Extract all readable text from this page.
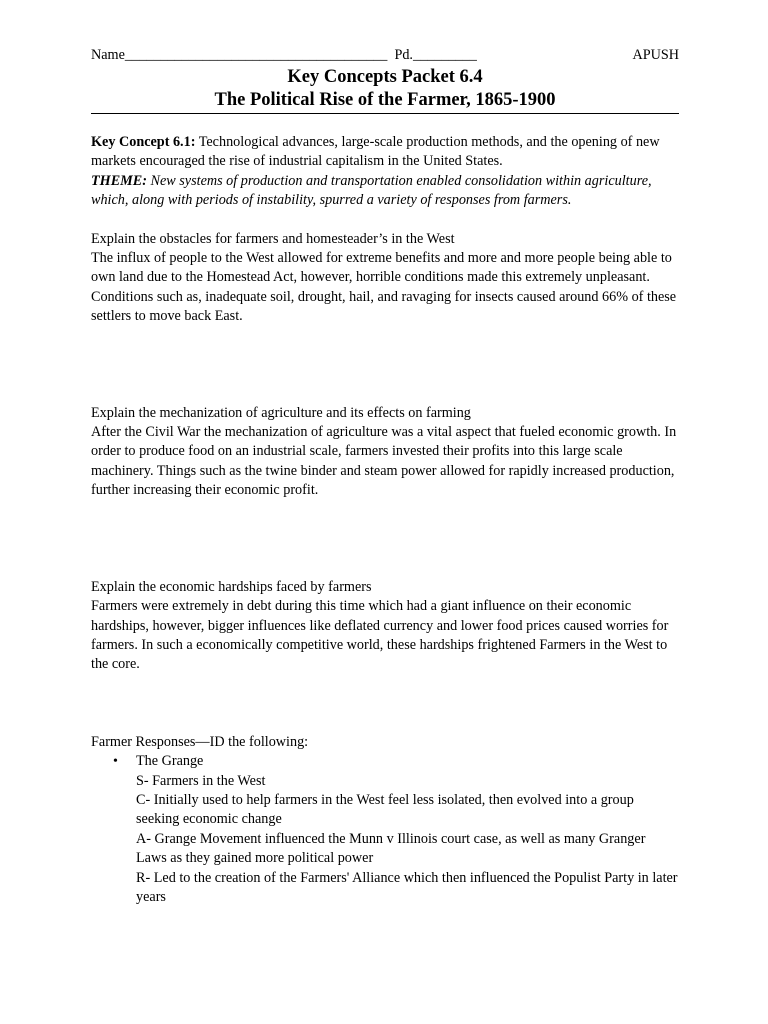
Name_____________________________________ Pd._________	APUSH
Key Concepts Packet 6.4
The Political Rise of the Farmer, 1865-1900

Key Concept 6.1: Technological advances, large-scale production methods, and the opening of new markets encouraged the rise of industrial capitalism in the United States.

THEME: New systems of production and transportation enabled consolidation within agriculture, which, along with periods of instability, spurred a variety of responses from farmers.

Explain the obstacles for farmers and homesteader’s in the West

The influx of people to the West allowed for extreme benefits and more and more people being able to own land due to the Homestead Act, however, horrible conditions made this extremely unpleasant. Conditions such as, inadequate soil, drought, hail, and ravaging for insects caused around 66% of these settlers to move back East.

Explain the mechanization of agriculture and its effects on farming

After the Civil War the mechanization of agriculture was a vital aspect that fueled economic growth. In order to produce food on an industrial scale, farmers invested their profits into this large scale machinery. Things such as the twine binder and steam power allowed for rapidly increased production, further increasing their economic profit.

Explain the economic hardships faced by farmers

Farmers were extremely in debt during this time which had a giant influence on their economic hardships, however, bigger influences like deflated currency and lower food prices caused worries for farmers. In such a economically competitive world, these hardships frightened Farmers in the West to the core.

Farmer Responses—ID the following:

• The Grange
S- Farmers in the West
C- Initially used to help farmers in the West feel less isolated, then evolved into a group seeking economic change
A- Grange Movement influenced the Munn v Illinois court case, as well as many Granger Laws as they gained more political power
R- Led to the creation of the Farmers' Alliance which then influenced the Populist Party in later years
